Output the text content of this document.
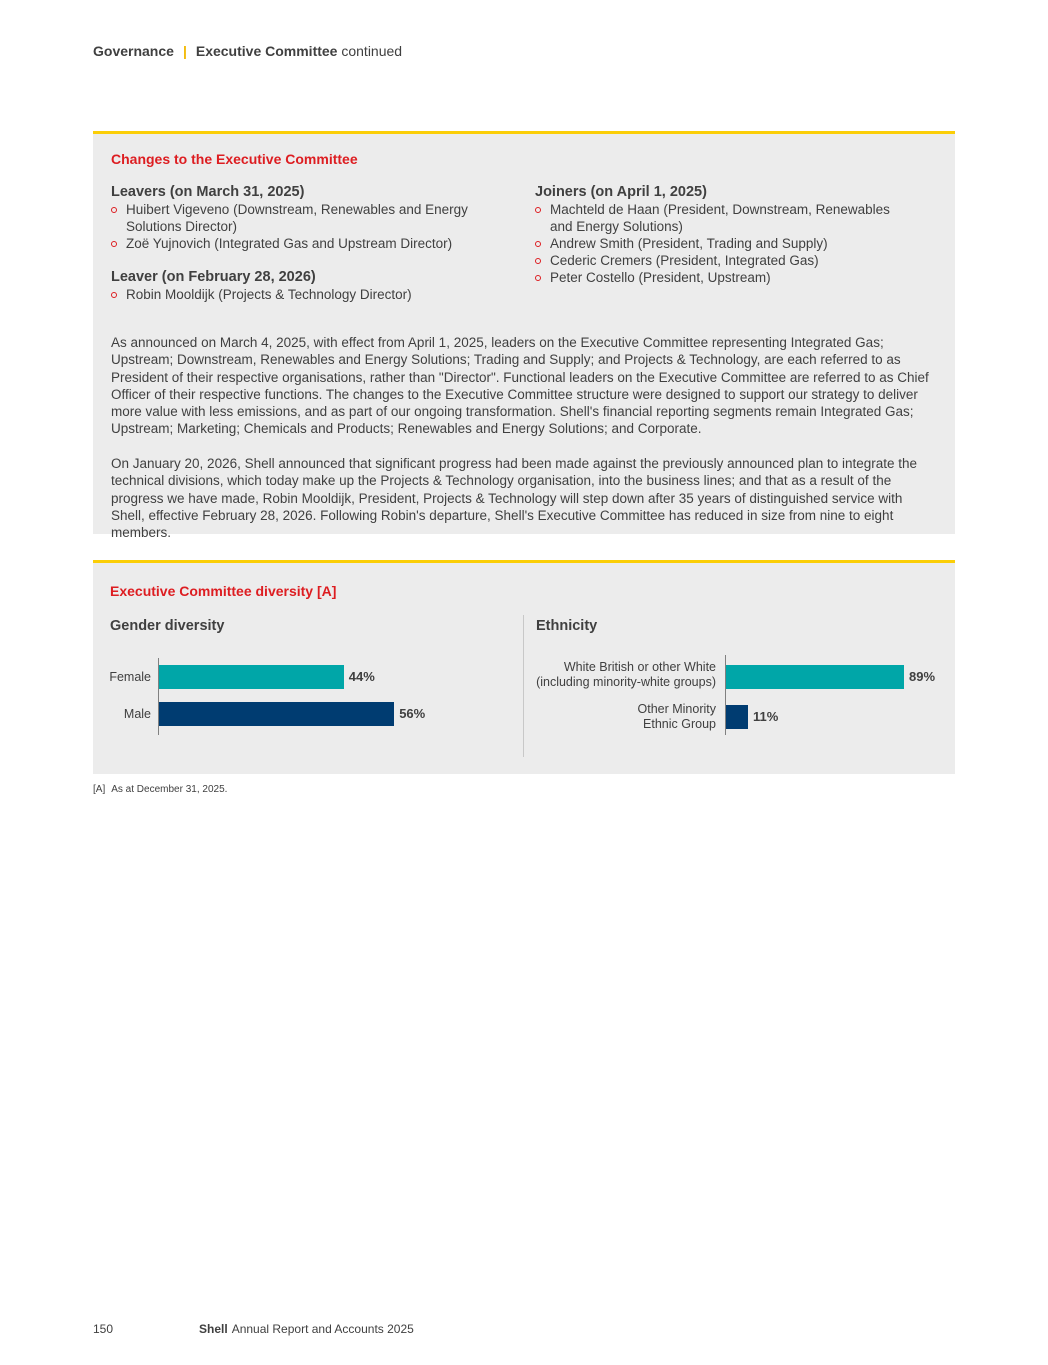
Governance | Executive Committee continued
Changes to the Executive Committee
Leavers (on March 31, 2025)
Huibert Vigeveno (Downstream, Renewables and Energy Solutions Director)
Zoë Yujnovich (Integrated Gas and Upstream Director)
Leaver (on February 28, 2026)
Robin Mooldijk (Projects & Technology Director)
Joiners (on April 1, 2025)
Machteld de Haan (President, Downstream, Renewables and Energy Solutions)
Andrew Smith (President, Trading and Supply)
Cederic Cremers (President, Integrated Gas)
Peter Costello (President, Upstream)

As announced on March 4, 2025, with effect from April 1, 2025, leaders on the Executive Committee representing Integrated Gas; Upstream; Downstream, Renewables and Energy Solutions; Trading and Supply; and Projects & Technology, are each referred to as President of their respective organisations, rather than "Director". Functional leaders on the Executive Committee are referred to as Chief Officer of their respective functions. The changes to the Executive Committee structure were designed to support our strategy to deliver more value with less emissions, and as part of our ongoing transformation. Shell's financial reporting segments remain Integrated Gas; Upstream; Marketing; Chemicals and Products; Renewables and Energy Solutions; and Corporate.

On January 20, 2026, Shell announced that significant progress had been made against the previously announced plan to integrate the technical divisions, which today make up the Projects & Technology organisation, into the business lines; and that as a result of the progress we have made, Robin Mooldijk, President, Projects & Technology will step down after 35 years of distinguished service with Shell, effective February 28, 2026. Following Robin's departure, Shell's Executive Committee has reduced in size from nine to eight members.

Executive Committee diversity [A]
Gender diversity	Ethnicity
Female
Male
44%
56%
White British or other White
(including minority-white groups)
Other Minority
Ethnic Group
89%
11%
[A] As at December 31, 2025.
150	Shell Annual Report and Accounts 2025
